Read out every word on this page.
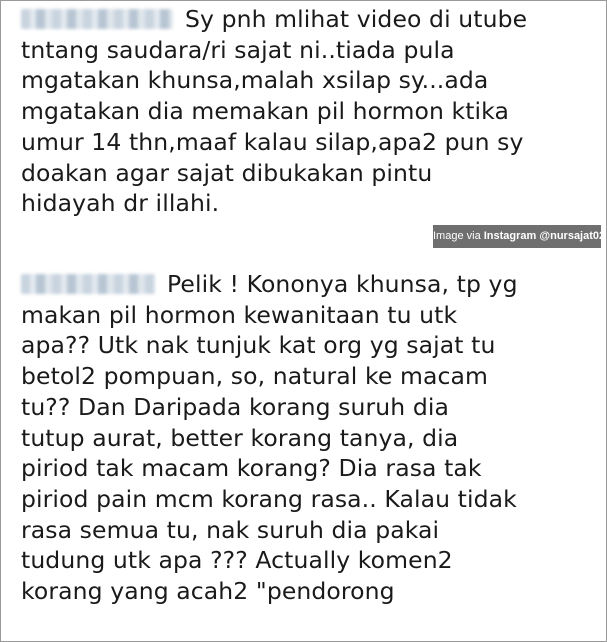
Sy pnh mlihat video di utube
tntang saudara/ri sajat ni..tiada pula
mgatakan khunsa,malah xsilap sy...ada
mgatakan dia memakan pil hormon ktika
umur 14 thn,maaf kalau silap,apa2 pun sy
doakan agar sajat dibukakan pintu
hidayah dr illahi.
Image via Instagram @nursajat02
Pelik ! Kononya khunsa, tp yg
makan pil hormon kewanitaan tu utk
apa?? Utk nak tunjuk kat org yg sajat tu
betol2 pompuan, so, natural ke macam
tu?? Dan Daripada korang suruh dia
tutup aurat, better korang tanya, dia
piriod tak macam korang? Dia rasa tak
piriod pain mcm korang rasa.. Kalau tidak
rasa semua tu, nak suruh dia pakai
tudung utk apa ??? Actually komen2
korang yang acah2 "pendorong
